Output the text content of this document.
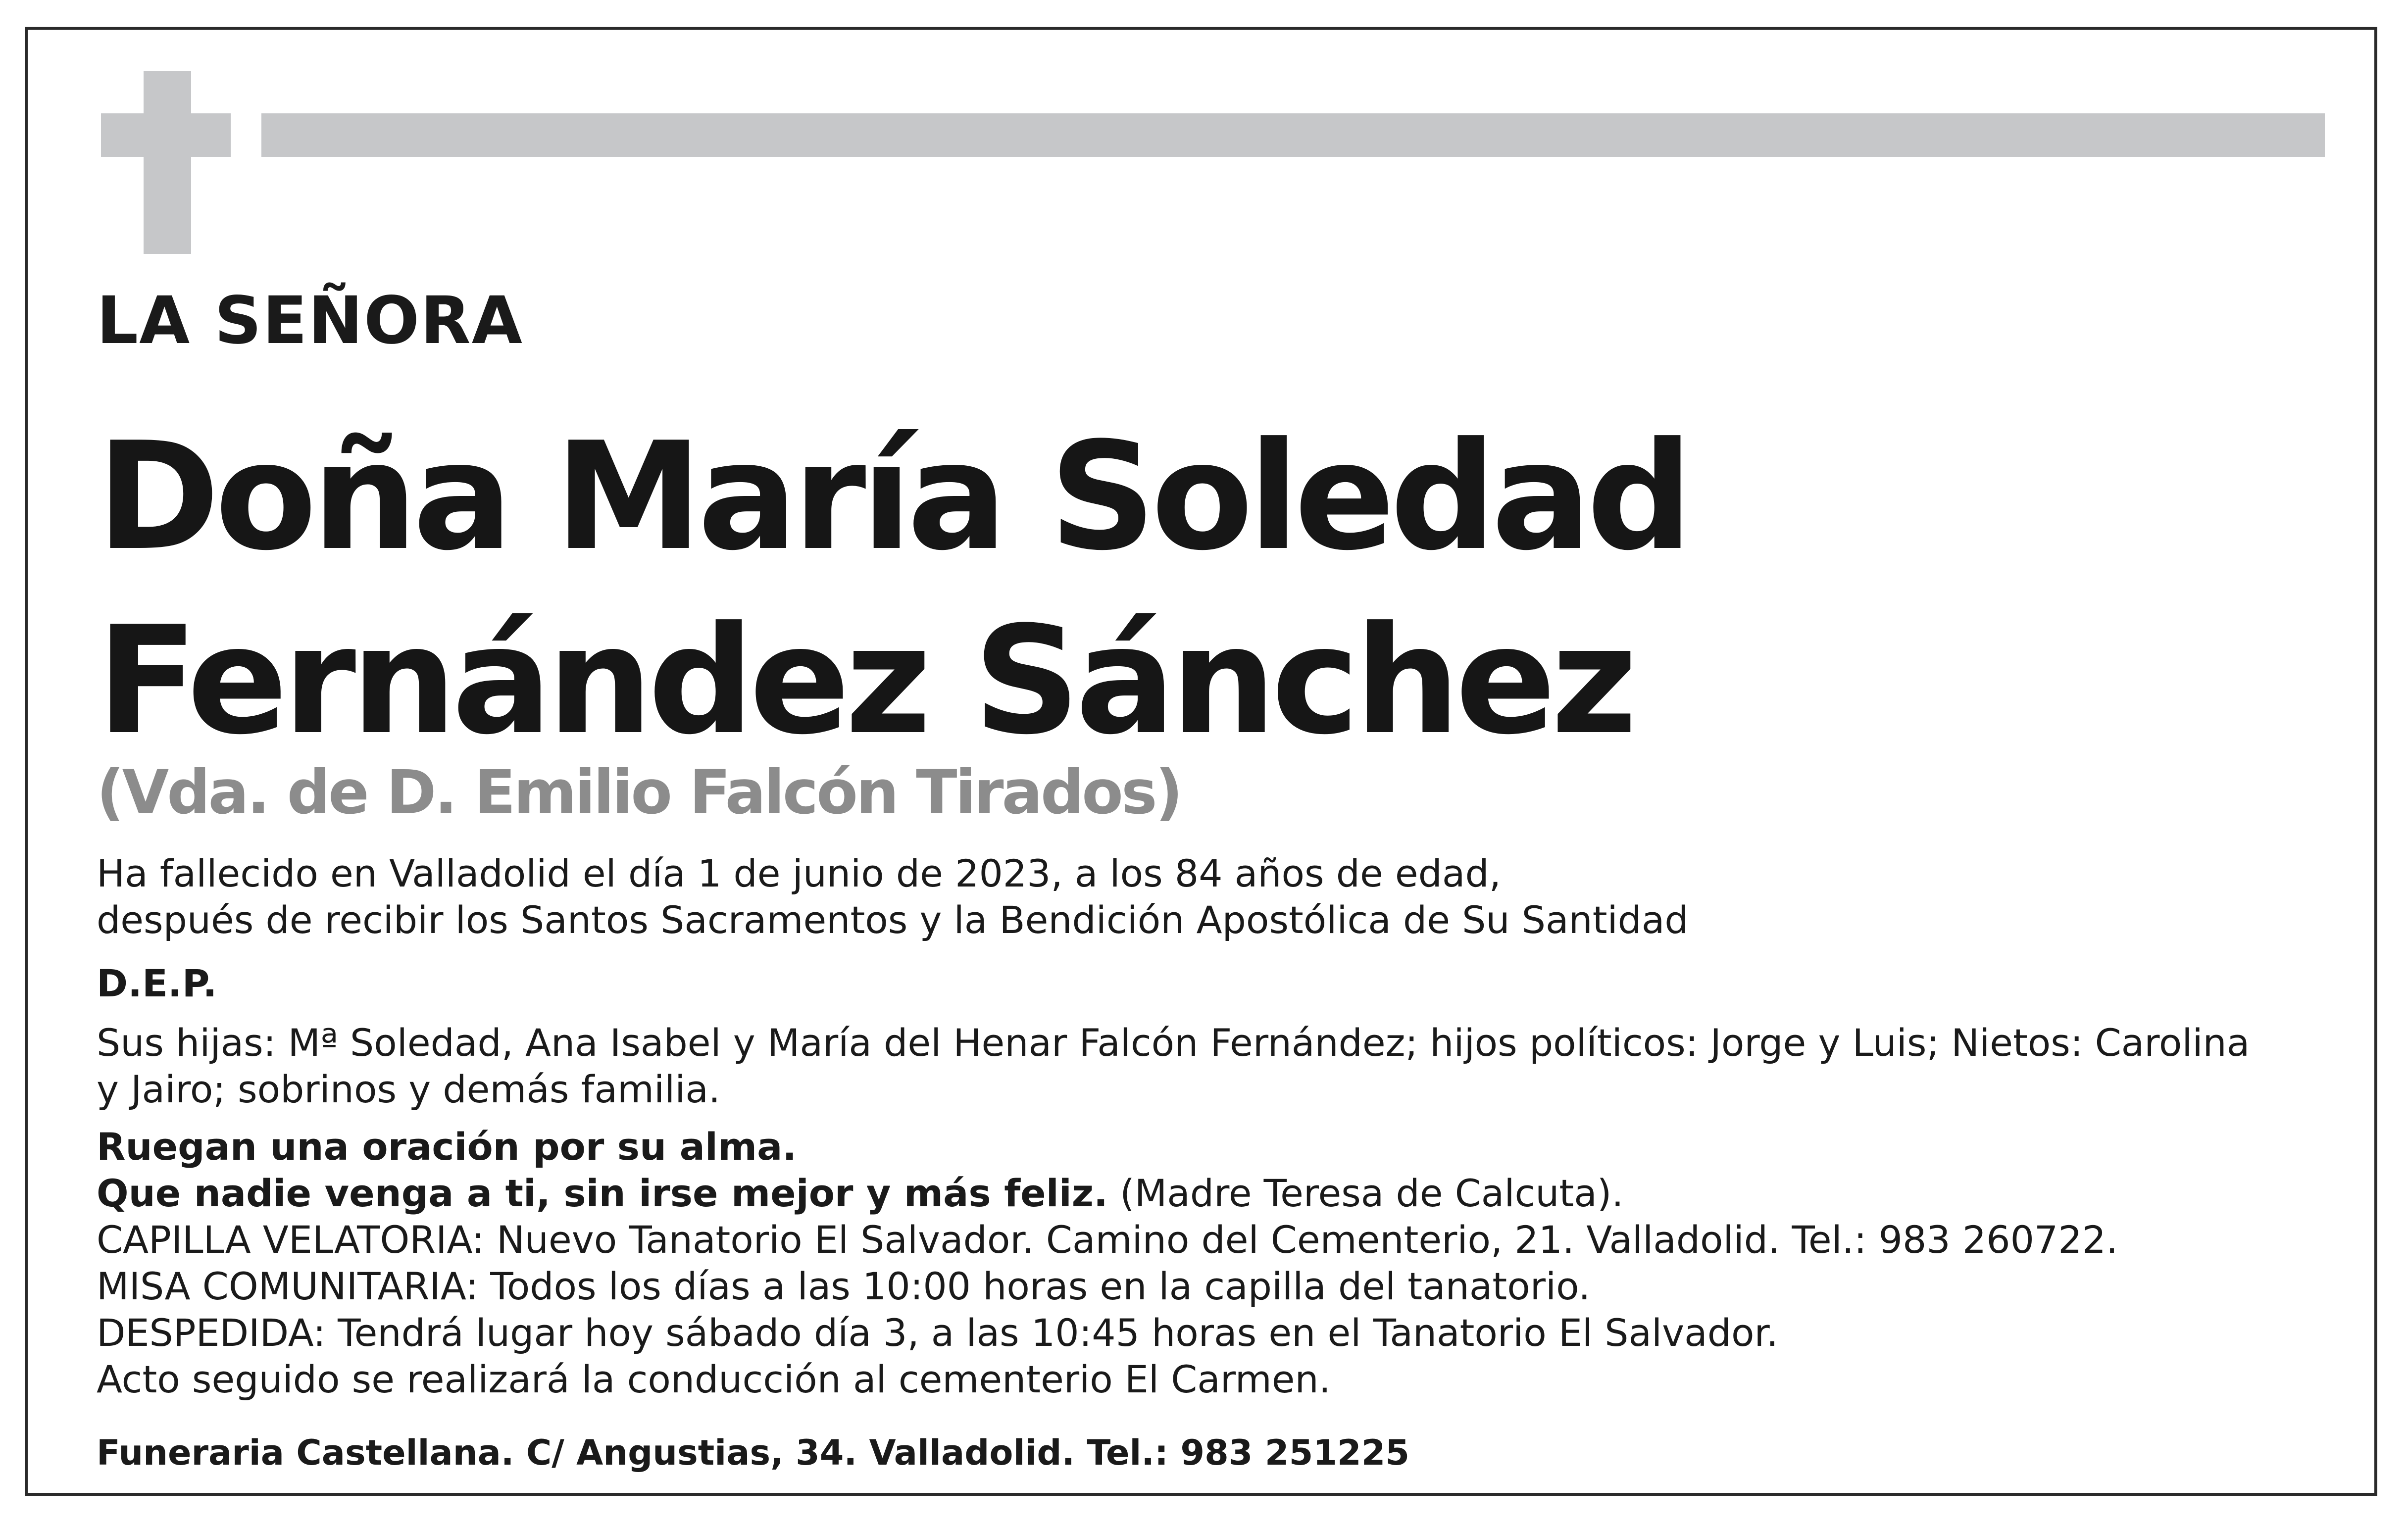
LA SEÑORA
Doña María Soledad
Fernández Sánchez
(Vda. de D. Emilio Falcón Tirados)
Ha fallecido en Valladolid el día 1 de junio de 2023, a los 84 años de edad,
después de recibir los Santos Sacramentos y la Bendición Apostólica de Su Santidad
D.E.P.
Sus hijas: Mª Soledad, Ana Isabel y María del Henar Falcón Fernández; hijos políticos: Jorge y Luis; Nietos: Carolina
y Jairo; sobrinos y demás familia.
Ruegan una oración por su alma.
Que nadie venga a ti, sin irse mejor y más feliz. (Madre Teresa de Calcuta).
CAPILLA VELATORIA: Nuevo Tanatorio El Salvador. Camino del Cementerio, 21. Valladolid. Tel.: 983 260722.
MISA COMUNITARIA: Todos los días a las 10:00 horas en la capilla del tanatorio.
DESPEDIDA: Tendrá lugar hoy sábado día 3, a las 10:45 horas en el Tanatorio El Salvador.
Acto seguido se realizará la conducción al cementerio El Carmen.
Funeraria Castellana. C/ Angustias, 34. Valladolid. Tel.: 983 251225
